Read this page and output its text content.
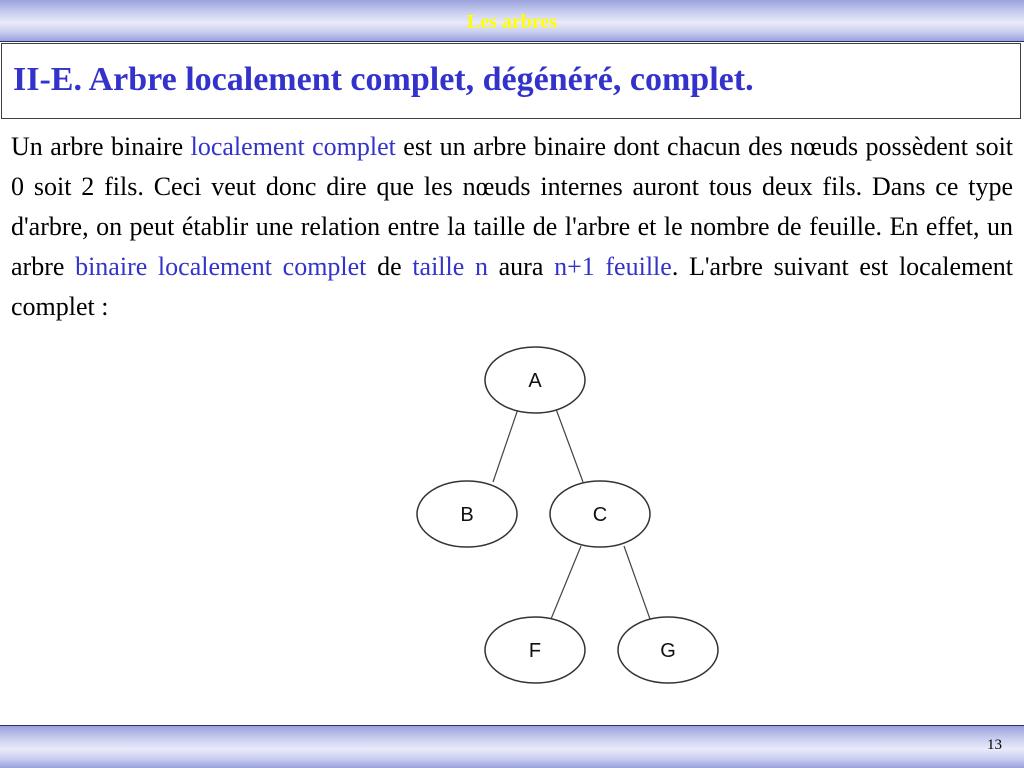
Les arbres
II-E. Arbre localement complet, dégénéré, complet.

Un arbre binaire localement complet est un arbre binaire dont chacun des nœuds possèdent soit 0 soit 2 fils. Ceci veut donc dire que les nœuds internes auront tous deux fils. Dans ce type d'arbre, on peut établir une relation entre la taille de l'arbre et le nombre de feuille. En effet, un arbre binaire localement complet de taille n aura n+1 feuille. L'arbre suivant est localement complet :

A
B	C
F	G
13
